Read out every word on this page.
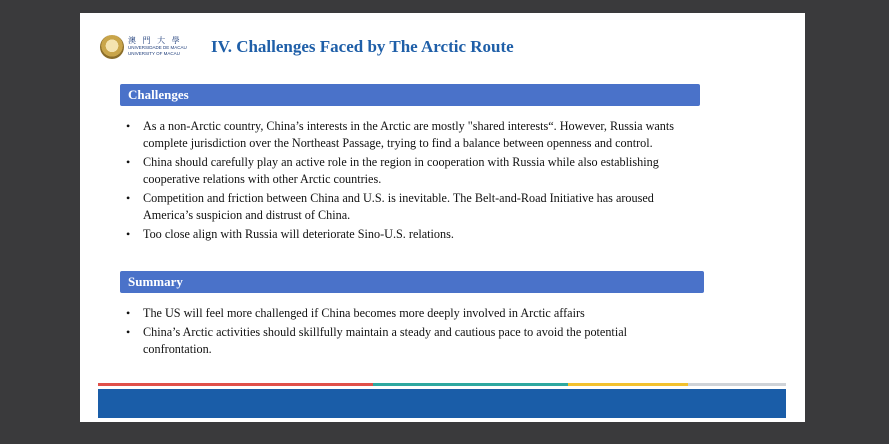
澳 門 大 學
UNIVERSIDADE DE MACAU
UNIVERSITY OF MACAU	IV. Challenges Faced by The Arctic Route
Challenges
• As a non-Arctic country, China’s interests in the Arctic are mostly "shared interests“. However, Russia wants complete jurisdiction over the Northeast Passage, trying to find a balance between openness and control.
• China should carefully play an active role in the region in cooperation with Russia while also establishing cooperative relations with other Arctic countries.
• Competition and friction between China and U.S. is inevitable. The Belt-and-Road Initiative has aroused America’s suspicion and distrust of China.
• Too close align with Russia will deteriorate Sino-U.S. relations.
Summary
• The US will feel more challenged if China becomes more deeply involved in Arctic affairs
• China’s Arctic activities should skillfully maintain a steady and cautious pace to avoid the potential confrontation.
